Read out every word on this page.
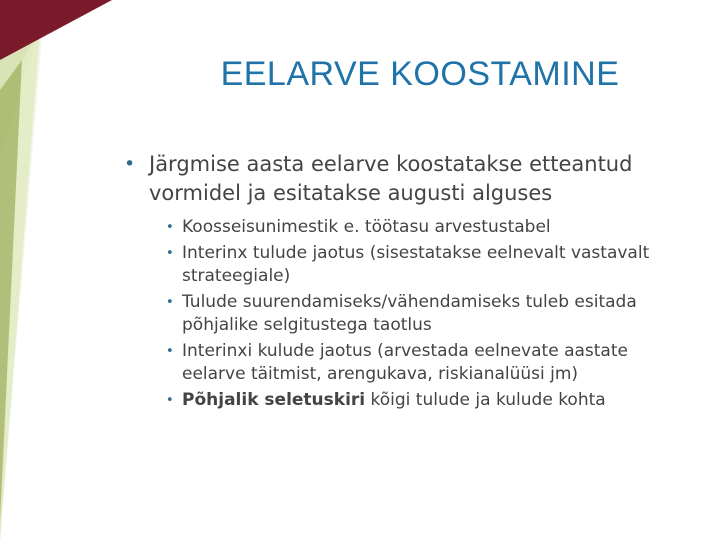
EELARVE KOOSTAMINE

• Järgmise aasta eelarve koostatakse etteantud vormidel ja esitatakse augusti alguses

• Koosseisunimestik e. töötasu arvestustabel
• Interinx tulude jaotus (sisestatakse eelnevalt vastavalt strateegiale)
• Tulude suurendamiseks/vähendamiseks tuleb esitada põhjalike selgitustega taotlus
• Interinxi kulude jaotus (arvestada eelnevate aastate eelarve täitmist, arengukava, riskianalüüsi jm)
• Põhjalik seletuskiri kõigi tulude ja kulude kohta
